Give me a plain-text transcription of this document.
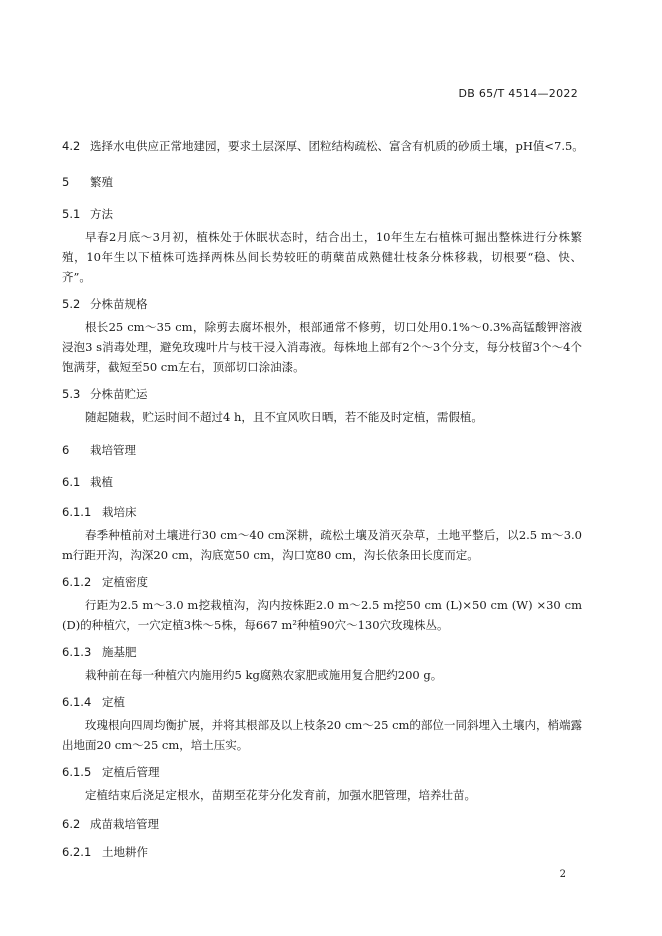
DB 65/T 4514—2022
4.2 选择水电供应正常地建园，要求土层深厚、团粒结构疏松、富含有机质的砂质土壤，pH值<7.5。
5 繁殖
5.1 方法
早春2月底～3月初，植株处于休眠状态时，结合出土，10年生左右植株可掘出整株进行分株繁殖，10年生以下植株可选择两株丛间长势较旺的萌蘖苗成熟健壮枝条分株移栽，切根要“稳、快、齐”。
5.2 分株苗规格
根长25 cm～35 cm，除剪去腐坏根外，根部通常不修剪，切口处用0.1%～0.3%高锰酸钾溶液浸泡3 s消毒处理，避免玫瑰叶片与枝干浸入消毒液。每株地上部有2个～3个分支，每分枝留3个～4个饱满芽，截短至50 cm左右，顶部切口涂油漆。
5.3 分株苗贮运
随起随栽，贮运时间不超过4 h，且不宜风吹日晒，若不能及时定植，需假植。
6 栽培管理
6.1 栽植
6.1.1 栽培床
春季种植前对土壤进行30 cm～40 cm深耕，疏松土壤及消灭杂草，土地平整后，以2.5 m～3.0 m行距开沟，沟深20 cm，沟底宽50 cm，沟口宽80 cm，沟长依条田长度而定。
6.1.2 定植密度
行距为2.5 m～3.0 m挖栽植沟，沟内按株距2.0 m～2.5 m挖50 cm (L)×50 cm (W) ×30 cm (D)的种植穴，一穴定植3株～5株，每667 m²种植90穴～130穴玫瑰株丛。
6.1.3 施基肥
栽种前在每一种植穴内施用约5 kg腐熟农家肥或施用复合肥约200 g。
6.1.4 定植
玫瑰根向四周均衡扩展，并将其根部及以上枝条20 cm～25 cm的部位一同斜埋入土壤内，梢端露出地面20 cm～25 cm，培土压实。
6.1.5 定植后管理
定植结束后浇足定根水，苗期至花芽分化发育前，加强水肥管理，培养壮苗。
6.2 成苗栽培管理
6.2.1 土地耕作
2
